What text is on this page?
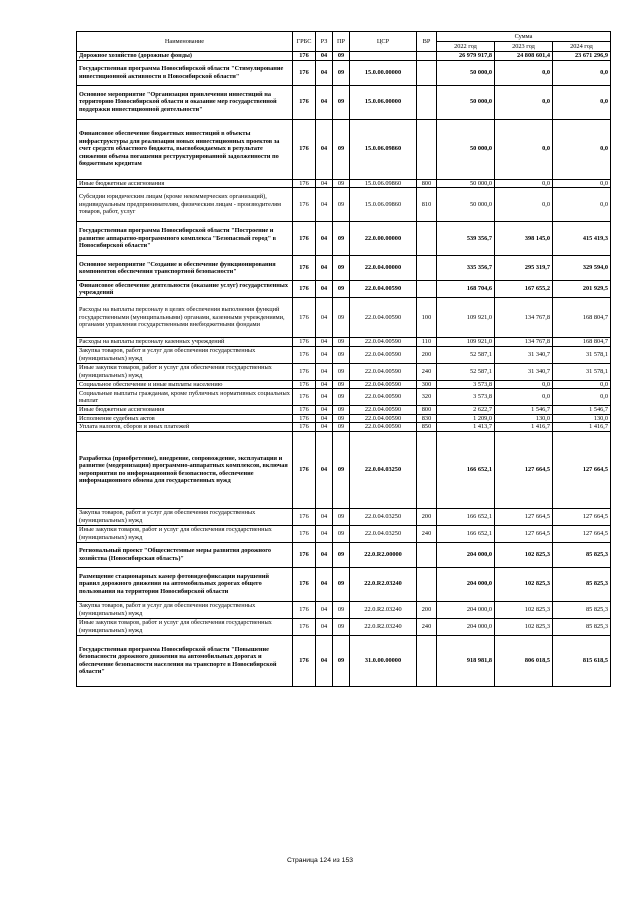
Наименование	ГРБС	РЗ	ПР	ЦСР	ВР	Сумма		
						2022 год	2023 год	2024 год
Дорожное хозяйство (дорожные фонды)	176	04	09			26 979 917,8	24 808 601,4	23 671 296,9
Государственная программа Новосибирской области "Стимулирование инвестиционной активности в Новосибирской области"	176	04	09	15.0.00.00000		50 000,0	0,0	0,0
Основное мероприятие "Организация привлечения инвестиций на территорию Новосибирской области и оказание мер государственной поддержки инвестиционной деятельности"	176	04	09	15.0.06.00000		50 000,0	0,0	0,0
Финансовое обеспечение бюджетных инвестиций в объекты инфраструктуры для реализации новых инвестиционных проектов за счет средств областного бюджета, высвобождаемых в результате снижения объема погашения реструктурированной задолженности по бюджетным кредитам	176	04	09	15.0.06.09860		50 000,0	0,0	0,0
Иные бюджетные ассигнования	176	04	09	15.0.06.09860	800	50 000,0	0,0	0,0
Субсидии юридическим лицам (кроме некоммерческих организаций), индивидуальным предпринимателям, физическим лицам - производителям товаров, работ, услуг	176	04	09	15.0.06.09860	810	50 000,0	0,0	0,0
Государственная программа Новосибирской области "Построение и развитие аппаратно-программного комплекса "Безопасный город" в Новосибирской области"	176	04	09	22.0.00.00000		539 356,7	398 145,0	415 419,3
Основное мероприятие "Создание и обеспечение функционирования компонентов обеспечения транспортной безопасности"	176	04	09	22.0.04.00000		335 356,7	295 319,7	329 594,0
Финансовое обеспечение деятельности (оказание услуг) государственных учреждений	176	04	09	22.0.04.00590		168 704,6	167 655,2	201 929,5
Расходы на выплаты персоналу в целях обеспечения выполнения функций государственными (муниципальными) органами, казенными учреждениями, органами управления государственными внебюджетными фондами	176	04	09	22.0.04.00590	100	109 921,0	134 767,8	168 804,7
Расходы на выплаты персоналу казенных учреждений	176	04	09	22.0.04.00590	110	109 921,0	134 767,8	168 804,7
Закупка товаров, работ и услуг для обеспечения государственных (муниципальных) нужд	176	04	09	22.0.04.00590	200	52 587,1	31 340,7	31 578,1
Иные закупки товаров, работ и услуг для обеспечения государственных (муниципальных) нужд	176	04	09	22.0.04.00590	240	52 587,1	31 340,7	31 578,1
Социальное обеспечение и иные выплаты населению	176	04	09	22.0.04.00590	300	3 573,8	0,0	0,0
Социальные выплаты гражданам, кроме публичных нормативных социальных выплат	176	04	09	22.0.04.00590	320	3 573,8	0,0	0,0
Иные бюджетные ассигнования	176	04	09	22.0.04.00590	800	2 622,7	1 546,7	1 546,7
Исполнение судебных актов	176	04	09	22.0.04.00590	830	1 209,0	130,0	130,0
Уплата налогов, сборов и иных платежей	176	04	09	22.0.04.00590	850	1 413,7	1 416,7	1 416,7
Разработка (приобретение), внедрение, сопровождение, эксплуатация и развитие (модернизация) программно-аппаратных комплексов, включая мероприятия по информационной безопасности, обеспечение информационного обмена для государственных нужд	176	04	09	22.0.04.03250		166 652,1	127 664,5	127 664,5
Закупка товаров, работ и услуг для обеспечения государственных (муниципальных) нужд	176	04	09	22.0.04.03250	200	166 652,1	127 664,5	127 664,5
Иные закупки товаров, работ и услуг для обеспечения государственных (муниципальных) нужд	176	04	09	22.0.04.03250	240	166 652,1	127 664,5	127 664,5
Региональный проект "Общесистемные меры развития дорожного хозяйства (Новосибирская область)"	176	04	09	22.0.R2.00000		204 000,0	102 825,3	85 825,3
Размещение стационарных камер фотовидеофиксации нарушений правил дорожного движения на автомобильных дорогах общего пользования на территории Новосибирской области	176	04	09	22.0.R2.03240		204 000,0	102 825,3	85 825,3
Закупка товаров, работ и услуг для обеспечения государственных (муниципальных) нужд	176	04	09	22.0.R2.03240	200	204 000,0	102 825,3	85 825,3
Иные закупки товаров, работ и услуг для обеспечения государственных (муниципальных) нужд	176	04	09	22.0.R2.03240	240	204 000,0	102 825,3	85 825,3
Государственная программа Новосибирской области "Повышение безопасности дорожного движения на автомобильных дорогах и обеспечение безопасности населения на транспорте в Новосибирской области"	176	04	09	31.0.00.00000		918 981,8	806 018,5	815 618,5
Страница 124 из 153
